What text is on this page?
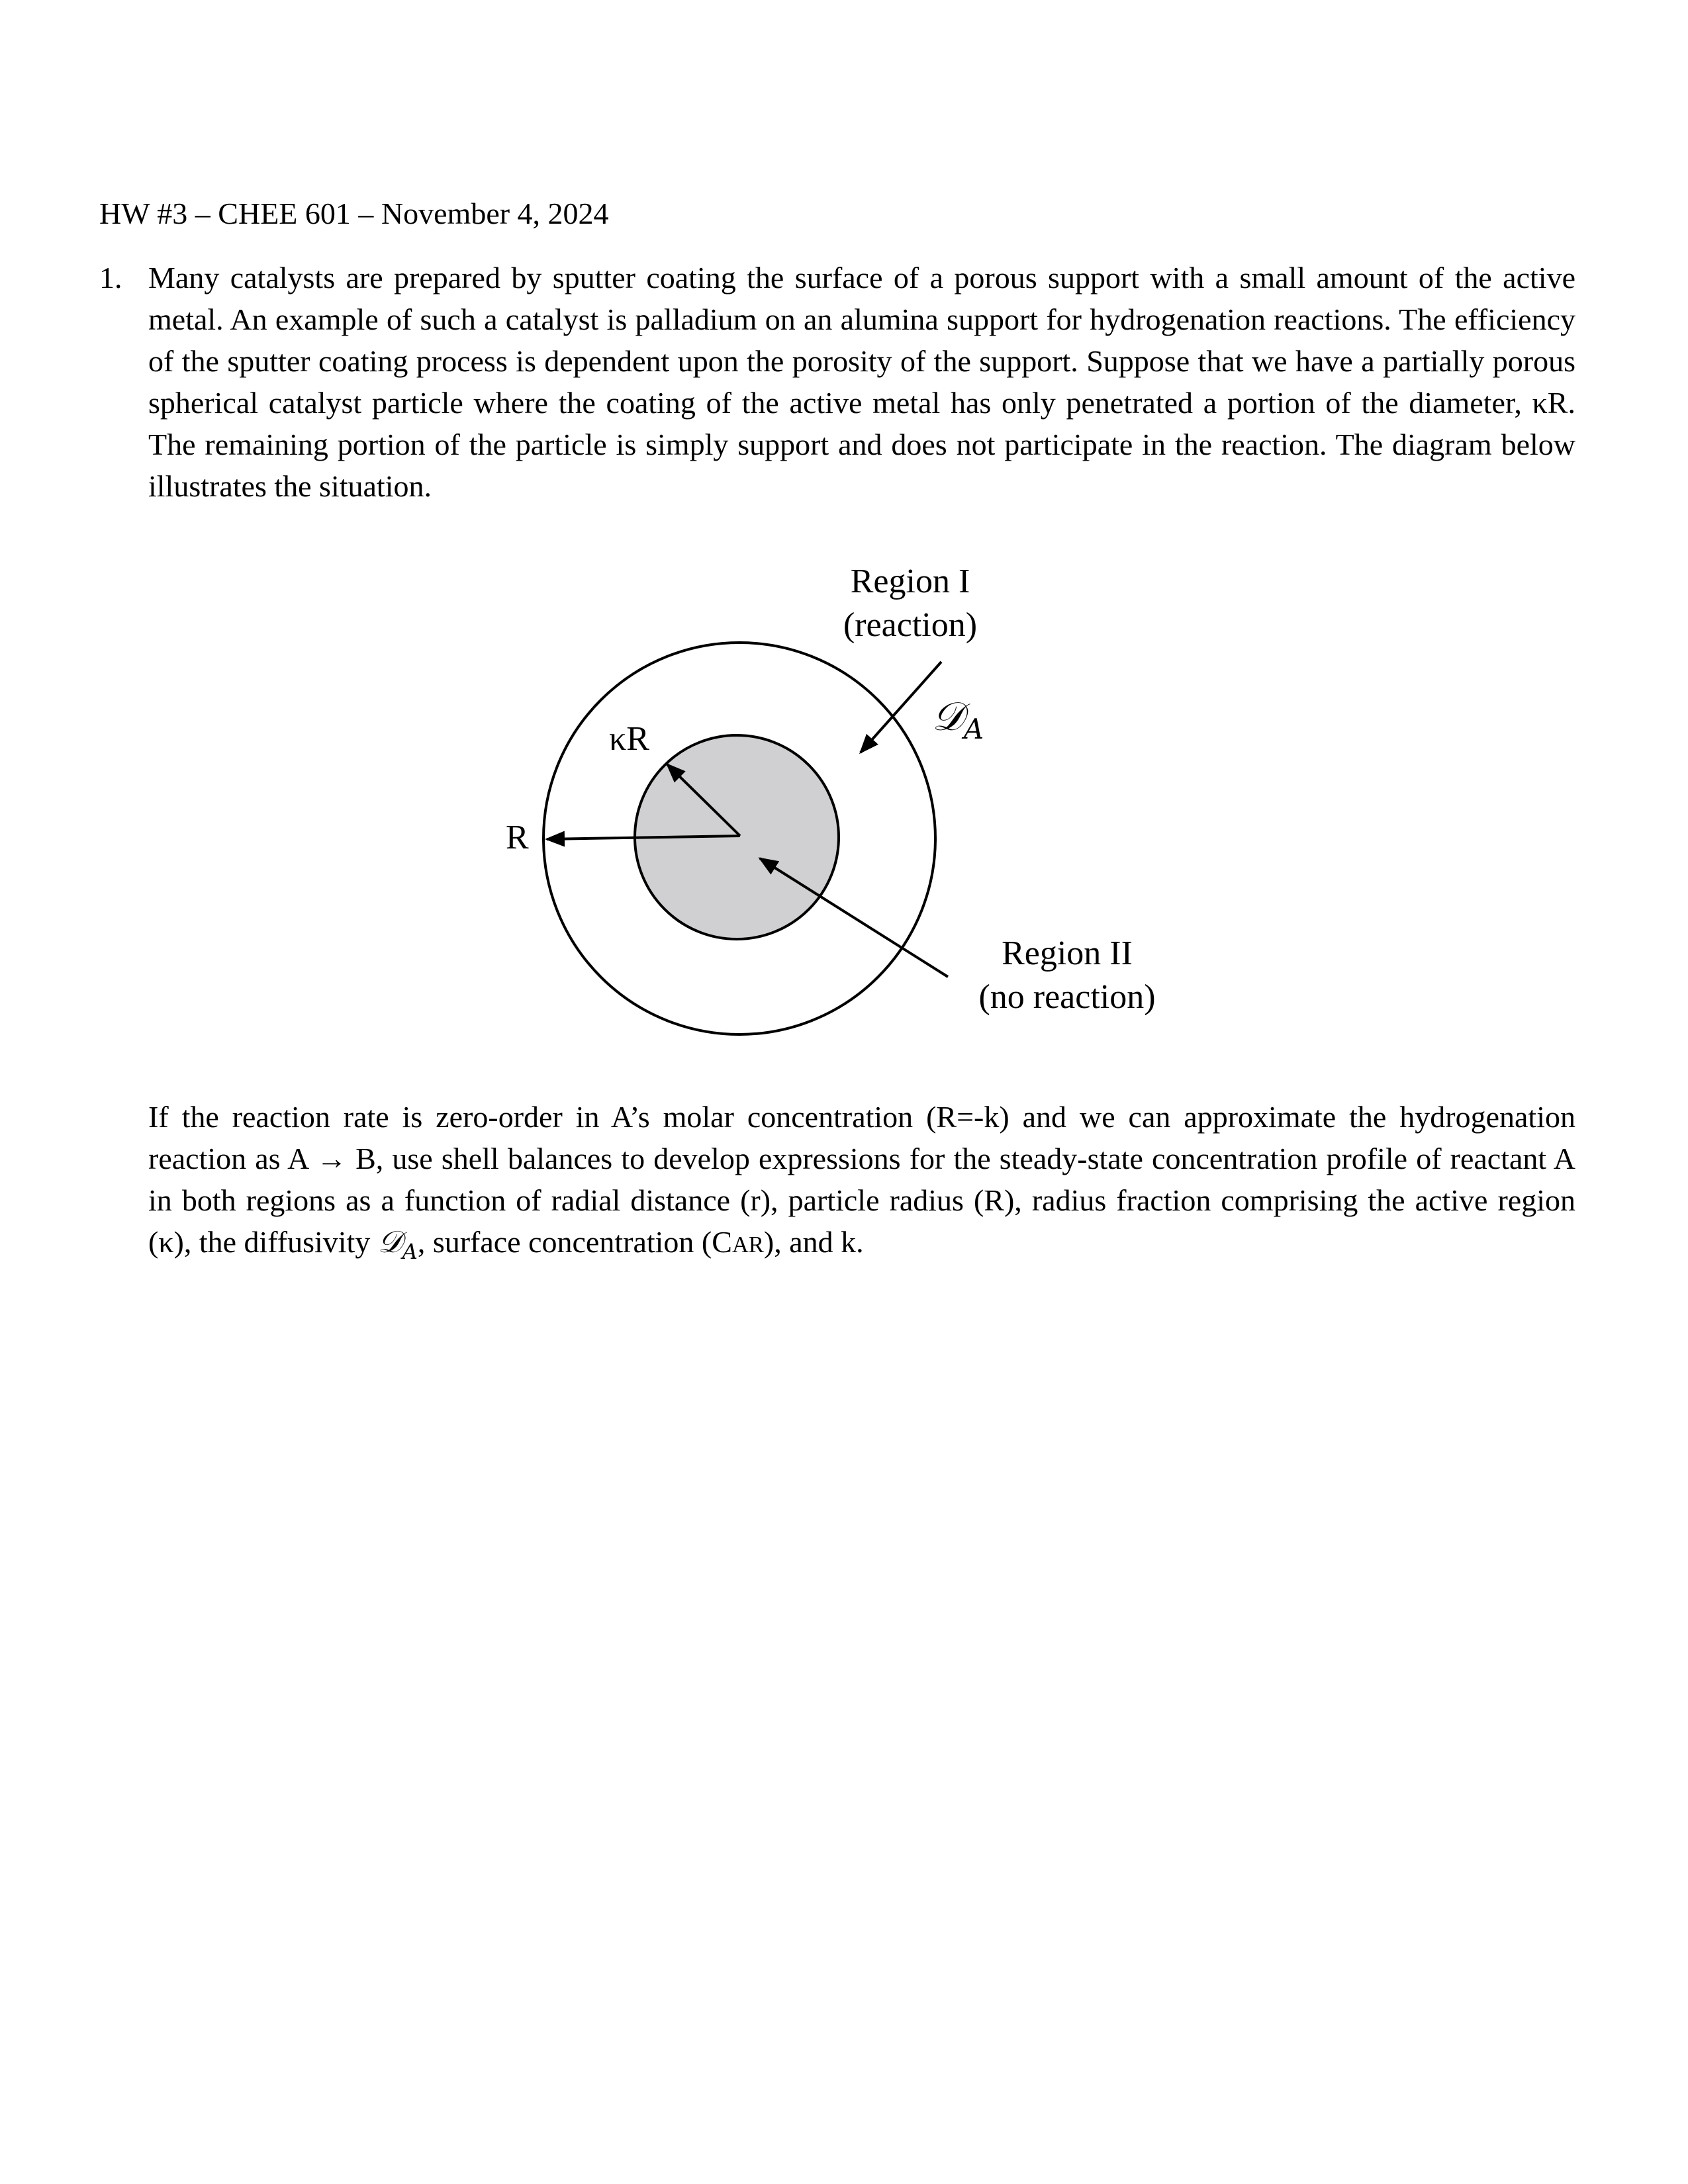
HW #3 – CHEE 601 – November 4, 2024
1. Many catalysts are prepared by sputter coating the surface of a porous support with a small amount of the active metal. An example of such a catalyst is palladium on an alumina support for hydrogenation reactions. The efficiency of the sputter coating process is dependent upon the porosity of the support. Suppose that we have a partially porous spherical catalyst particle where the coating of the active metal has only penetrated a portion of the diameter, κR. The remaining portion of the particle is simply support and does not participate in the reaction. The diagram below illustrates the situation.
Region I
(reaction)
Region II
(no reaction)
κR
R
𝒟$_A$
If the reaction rate is zero-order in A’s molar concentration (R=-k) and we can approximate the hydrogenation reaction as A → B, use shell balances to develop expressions for the steady-state concentration profile of reactant A in both regions as a function of radial distance (r), particle radius (R), radius fraction comprising the active region (κ), the diffusivity 𝒟$_A$, surface concentration (CAR), and k.
